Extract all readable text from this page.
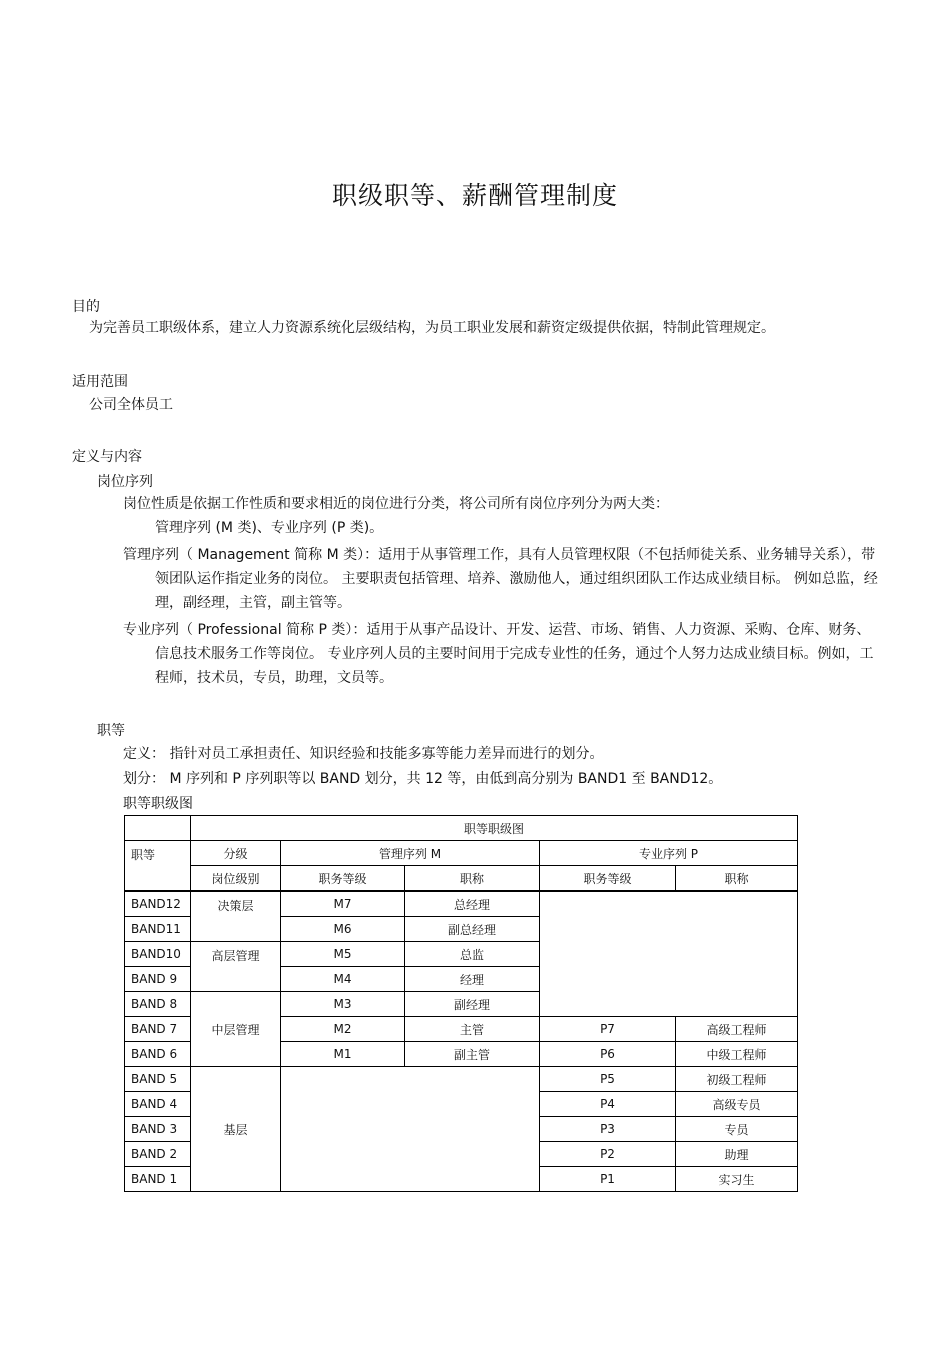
职级职等、薪酬管理制度
目的
为完善员工职级体系，建立人力资源系统化层级结构，为员工职业发展和薪资定级提供依据，特制此管理规定。
适用范围
公司全体员工
定义与内容
岗位序列
岗位性质是依据工作性质和要求相近的岗位进行分类，将公司所有岗位序列分为两大类：
管理序列 (M 类)、专业序列 (P 类)。
管理序列（ Management 简称 M 类）：适用于从事管理工作，具有人员管理权限（不包括师徒关系、业务辅导关系），带领团队运作指定业务的岗位。 主要职责包括管理、培养、激励他人，通过组织团队工作达成业绩目标。 例如总监，经理，副经理，主管，副主管等。
专业序列（ Professional 简称 P 类）：适用于从事产品设计、开发、运营、市场、销售、人力资源、采购、仓库、财务、信息技术服务工作等岗位。 专业序列人员的主要时间用于完成专业性的任务，通过个人努力达成业绩目标。例如，工程师，技术员，专员，助理，文员等。
职等
定义： 指针对员工承担责任、知识经验和技能多寡等能力差异而进行的划分。
划分： M 序列和 P 序列职等以 BAND 划分，共 12 等，由低到高分别为 BAND1 至 BAND12。
职等职级图
	职等职级图				
职等	分级	管理序列 M		专业序列 P	
	岗位级别	职务等级	职称	职务等级	职称
BAND12	决策层	M7	总经理		
BAND11		M6	副总经理		
BAND10	高层管理	M5	总监		
BAND 9		M4	经理		
BAND 8	中层管理	M3	副经理		
BAND 7		M2	主管	P7	高级工程师
BAND 6		M1	副主管	P6	中级工程师
BAND 5	基层			P5	初级工程师
BAND 4				P4	高级专员
BAND 3				P3	专员
BAND 2				P2	助理
BAND 1				P1	实习生
